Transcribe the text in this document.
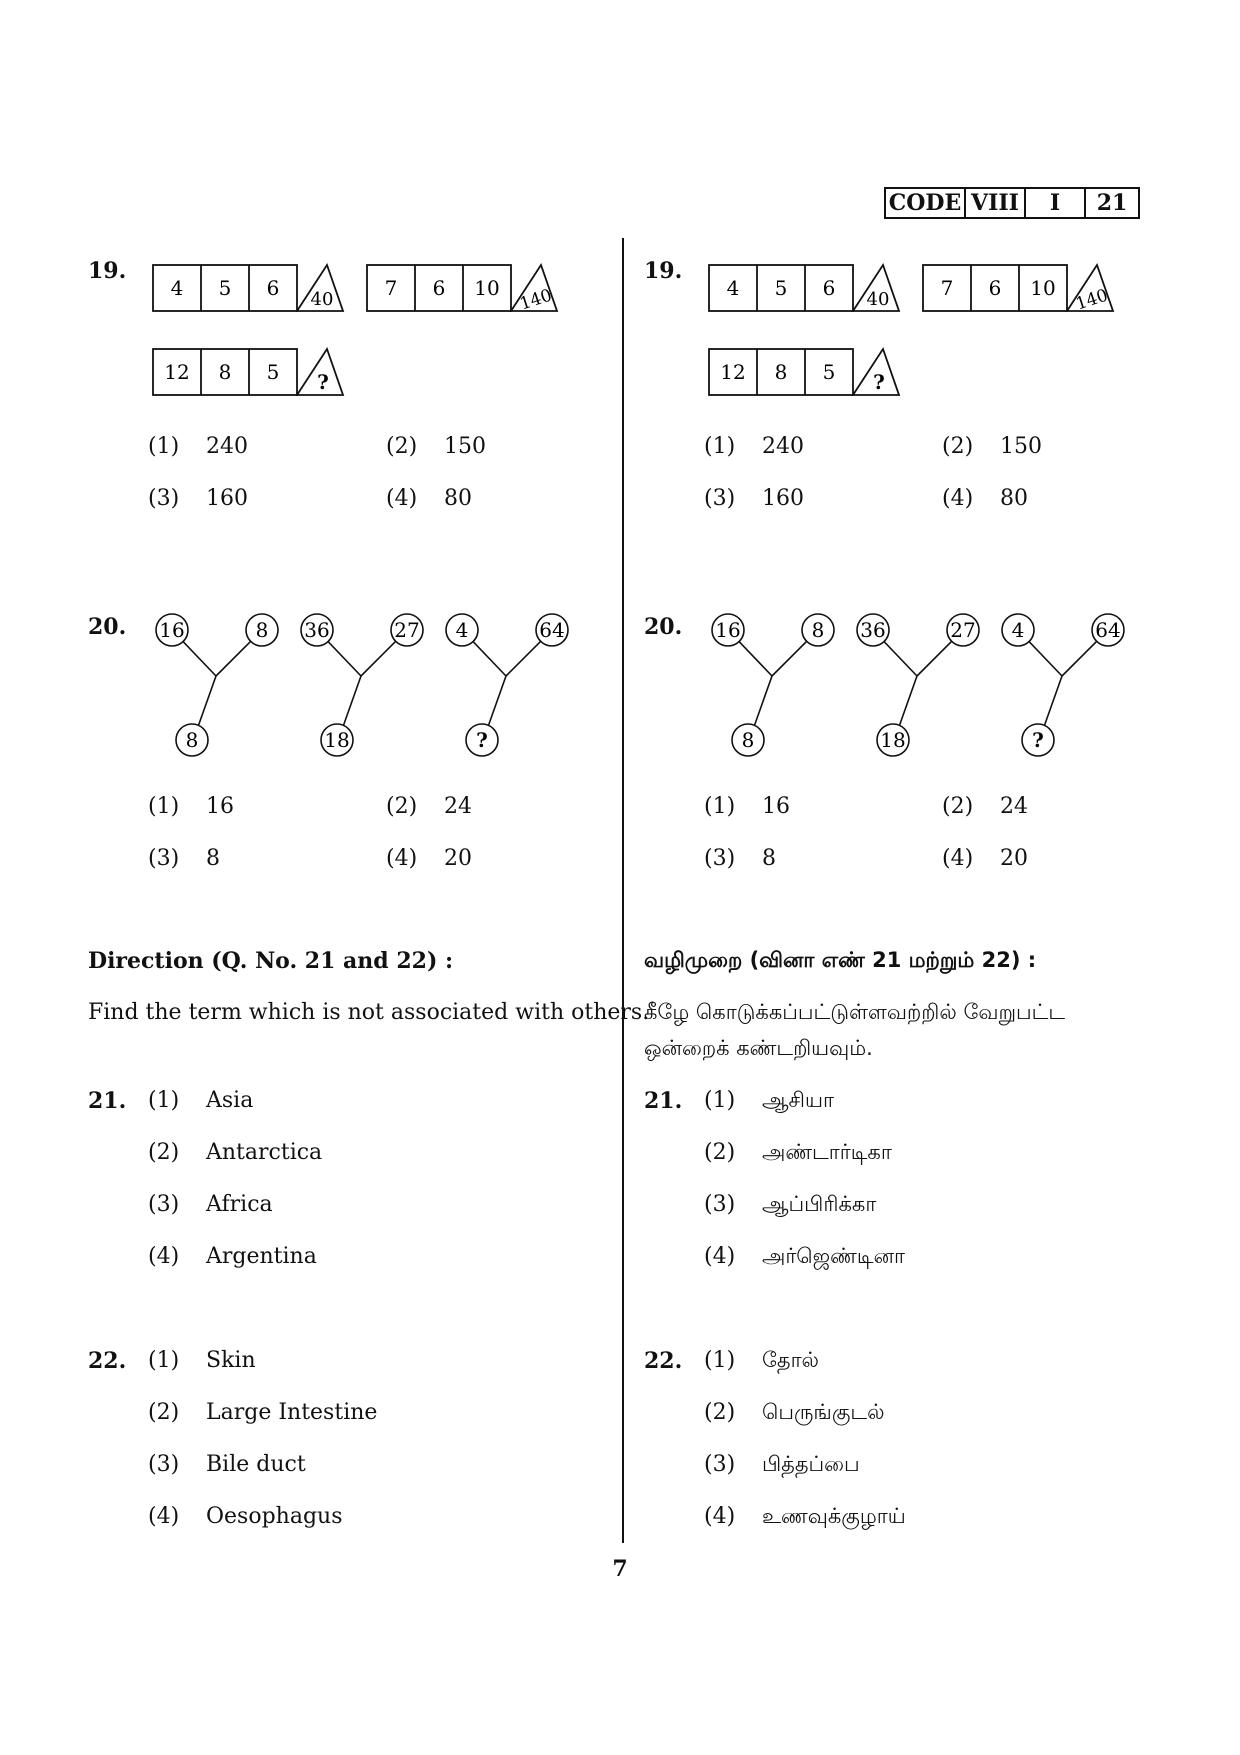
CODE VIII	I	21
19.
4 5 6 40	7 6 10 140
12 8 5 ?
(1) 240	(2) 150
(3) 160	(4) 80
20. 16	8
8
36	27
18
4	64
?
(1) 16	(2) 24
(3) 8	(4) 20
Direction (Q. No. 21 and 22) :
Find the term which is not associated with others.
21. (1) Asia
(2) Antarctica
(3) Africa
(4) Argentina
22. (1) Skin
(2) Large Intestine
(3) Bile duct
(4) Oesophagus
19.
4 5 6 40	7 6 10 140
12 8 5 ?
(1) 240	(2) 150
(3) 160	(4) 80
20. 16	8
8
36	27
18
4	64
?
(1) 16	(2) 24
(3) 8	(4) 20
வழிமுறை (வினா எண் 21 மற்றும் 22) :
கீழே கொடுக்கப்பட்டுள்ளவற்றில் வேறுபட்ட
ஒன்றைக் கண்டறியவும்.
21. (1) ஆசியா
(2) அண்டார்டிகா
(3) ஆப்பிரிக்கா
(4) அர்ஜெண்டினா
22. (1) தோல்
(2) பெருங்குடல்
(3) பித்தப்பை
(4) உணவுக்குழாய்
7
